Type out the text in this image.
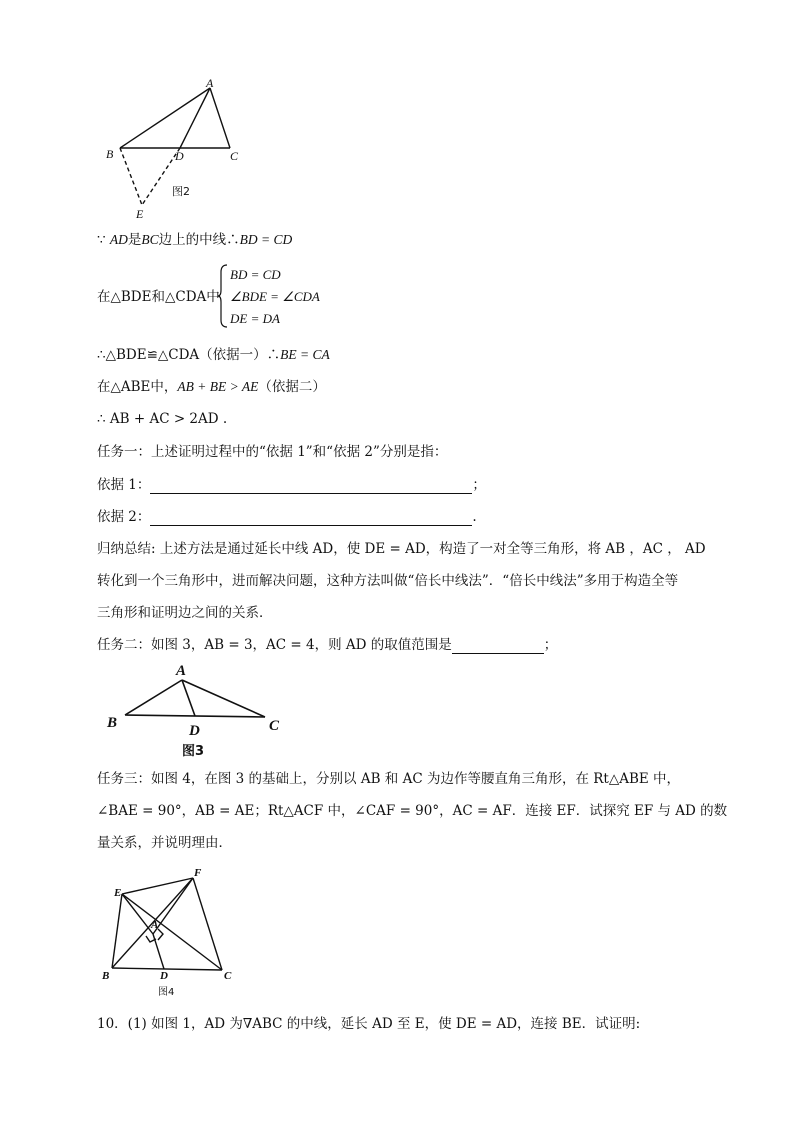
A
B	C
D
E
图2
∵ AD是BC边上的中线∴BD = CD
在△BDE和△CDA中
BD = CD
∠BDE = ∠CDA
DE = DA
∴△BDE≌△CDA（依据一）∴BE = CA
在△ABE中，AB + BE > AE（依据二）
∴ AB + AC > 2AD .
任务一：上述证明过程中的“依据 1”和“依据 2”分别是指：
依据 1：	；
依据 2：	.
归纳总结: 上述方法是通过延长中线 AD，使 DE = AD，构造了一对全等三角形，将 AB ，AC ， AD
转化到一个三角形中，进而解决问题，这种方法叫做“倍长中线法”．“倍长中线法”多用于构造全等
三角形和证明边之间的关系．
任务二：如图 3，AB = 3，AC = 4，则 AD 的取值范围是	；
A
B	C
D
图3
任务三：如图 4，在图 3 的基础上，分别以 AB 和 AC 为边作等腰直角三角形，在 Rt△ABE 中，
∠BAE = 90°，AB = AE；Rt△ACF 中，∠CAF = 90°，AC = AF．连接 EF．试探究 EF 与 AD 的数
量关系，并说明理由．
E
F
A
B	C
D
图4
10．(1) 如图 1，AD 为∇ABC 的中线，延长 AD 至 E，使 DE = AD，连接 BE．试证明:
